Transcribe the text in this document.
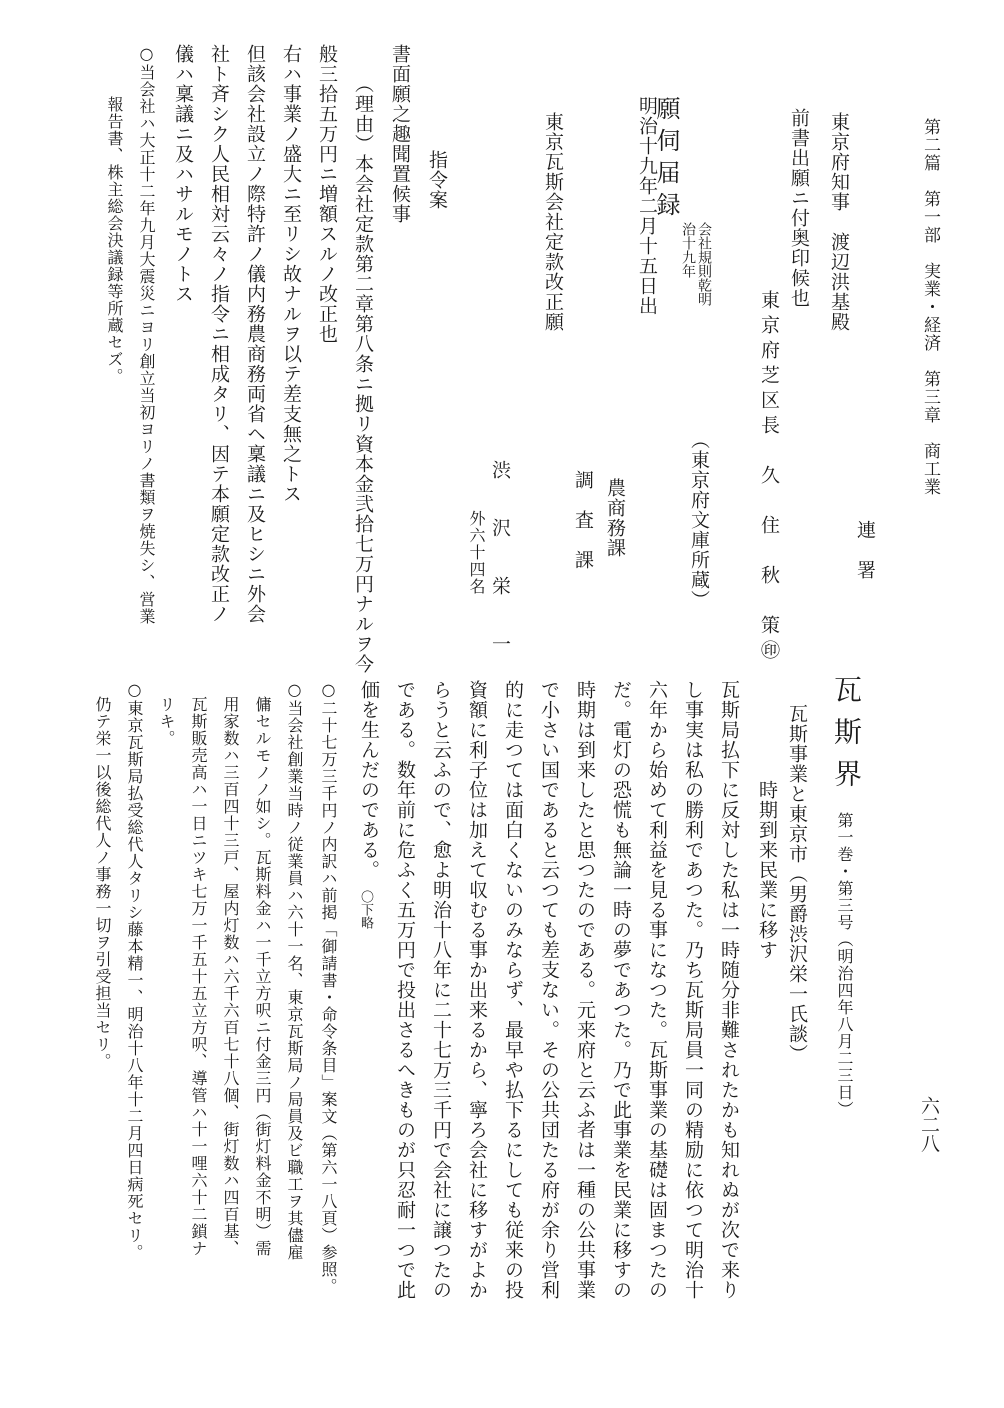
第二篇　第一部　実業・経済　第三章　商工業
六二八
連　署
東京府知事　渡辺洪基殿
前書出願ニ付奥印候也
東京府芝区長　久　住　秋　策㊞
（東京府文庫所蔵）
農商務課
調　査　課
願伺届録
会社規則乾明治十九年
明治十九年二月十五日出
東京瓦斯会社定款改正願
渋　沢　栄　一
外六十四名
指令案
書面願之趣聞置候事
（理由）本会社定款第二章第八条ニ拠リ資本金弐拾七万円ナルヲ今
般三拾五万円ニ増額スルノ改正也
右ハ事業ノ盛大ニ至リシ故ナルヲ以テ差支無之トス
但該会社設立ノ際特許ノ儀内務農商務両省ヘ稟議ニ及ヒシニ外会
社ト斉シク人民相対云々ノ指令ニ相成タリ、因テ本願定款改正ノ
儀ハ稟議ニ及ハサルモノトス
○当会社ハ大正十二年九月大震災ニヨリ創立当初ヨリノ書類ヲ焼失シ、営業
報告書、株主総会決議録等所蔵セズ。
瓦斯界
第一巻・第三号（明治四年八月二三日）
瓦斯事業と東京市（男爵渋沢栄一氏談）
時期到来民業に移す
瓦斯局払下に反対した私は一時随分非難されたかも知れぬが次で来り
し事実は私の勝利であつた。乃ち瓦斯局員一同の精励に依つて明治十
六年から始めて利益を見る事になつた。瓦斯事業の基礎は固まつたの
だ。電灯の恐慌も無論一時の夢であつた。乃で此事業を民業に移すの
時期は到来したと思つたのである。元来府と云ふ者は一種の公共事業
で小さい国であると云つても差支ない。その公共団たる府が余り営利
的に走つては面白くないのみならず、最早や払下るにしても従来の投
資額に利子位は加えて収むる事か出来るから、寧ろ会社に移すがよか
らうと云ふので、愈よ明治十八年に二十七万三千円で会社に譲つたの
である。数年前に危ふく五万円で投出さるへきものが只忍耐一つで此
価を生んだのである。
〇下略
○二十七万三千円ノ内訳ハ前掲「御請書・命令条目」案文（第六一八頁）参照。
○当会社創業当時ノ従業員ハ六十一名、東京瓦斯局ノ局員及ビ職工ヲ其儘雇
傭セルモノノ如シ。瓦斯料金ハ一千立方呎ニ付金三円（街灯料金不明）需
用家数ハ三百四十三戸、屋内灯数ハ六千六百七十八個、街灯数ハ四百基、
瓦斯販売高ハ一日ニツキ七万一千五十五立方呎、導管ハ十一哩六十二鎖ナ
リキ。
○東京瓦斯局払受総代人タリシ藤本精一、明治十八年十二月四日病死セリ。
仍テ栄一以後総代人ノ事務一切ヲ引受担当セリ。
